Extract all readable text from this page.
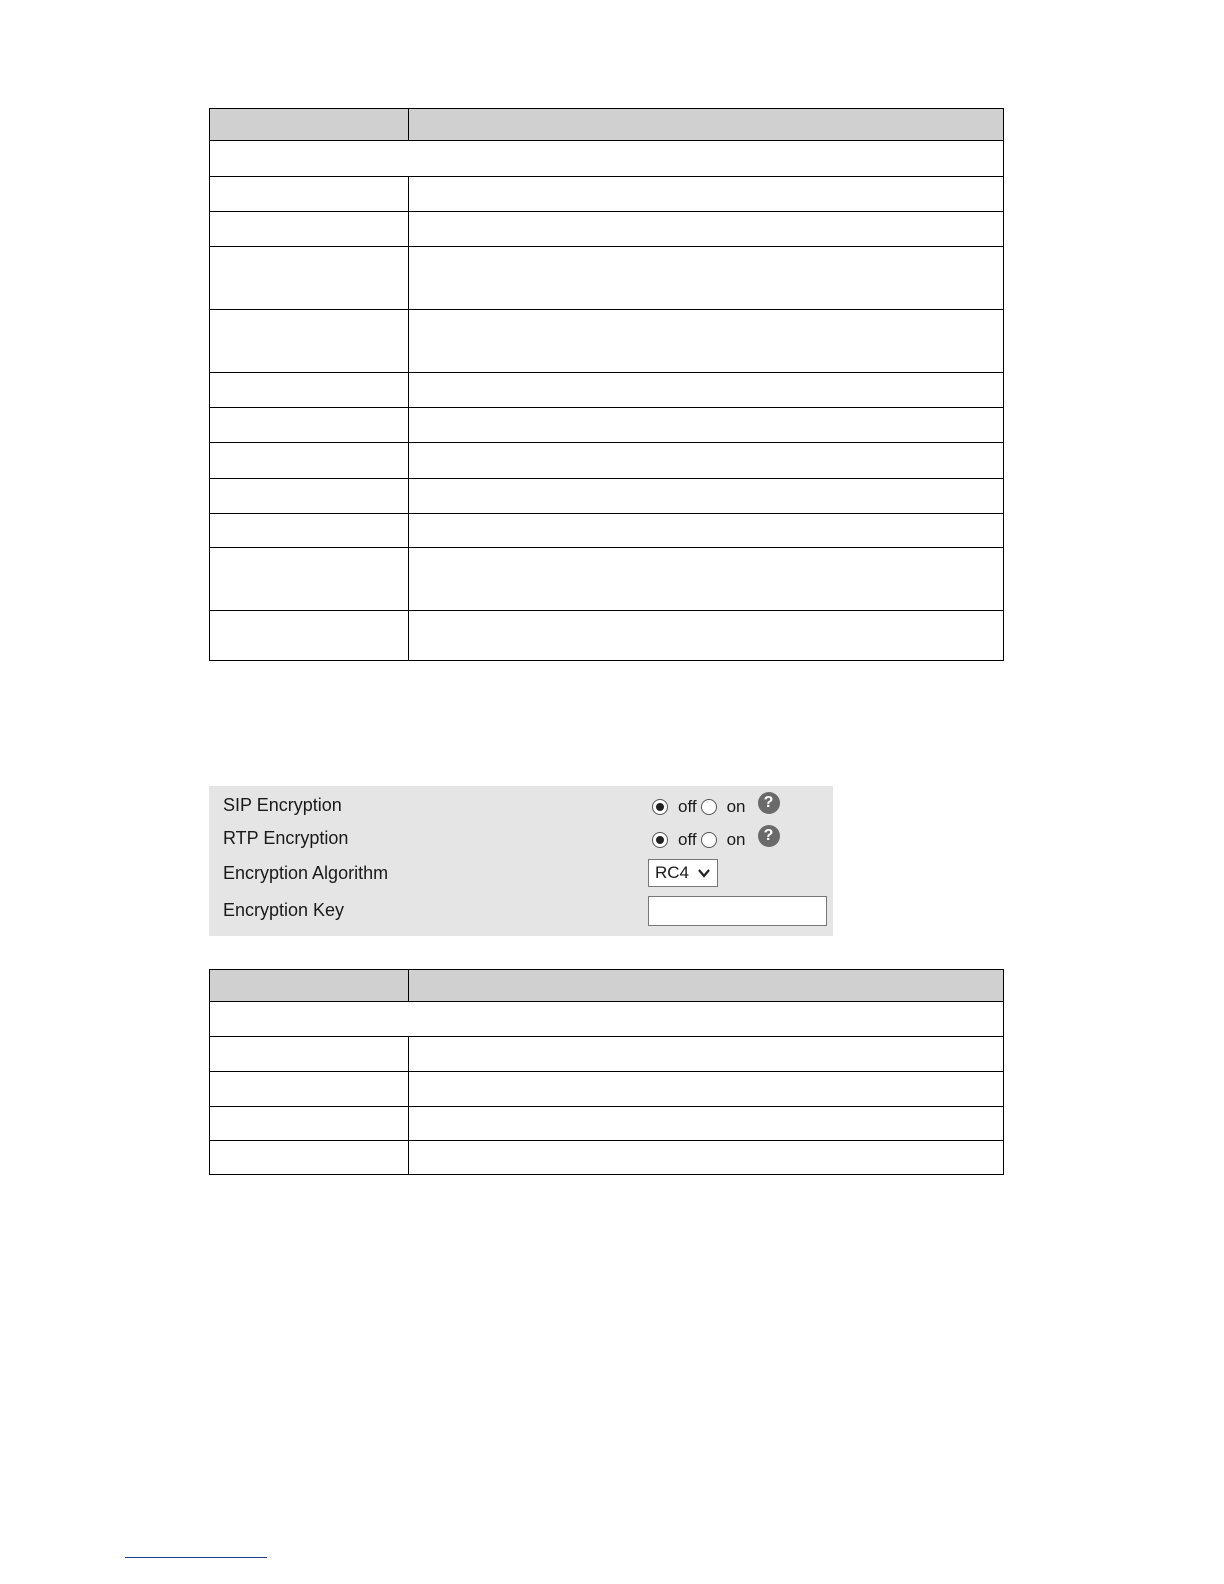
SIP Encryption	off on	?
RTP Encryption	off on	?
Encryption Algorithm	RC4
Encryption Key
